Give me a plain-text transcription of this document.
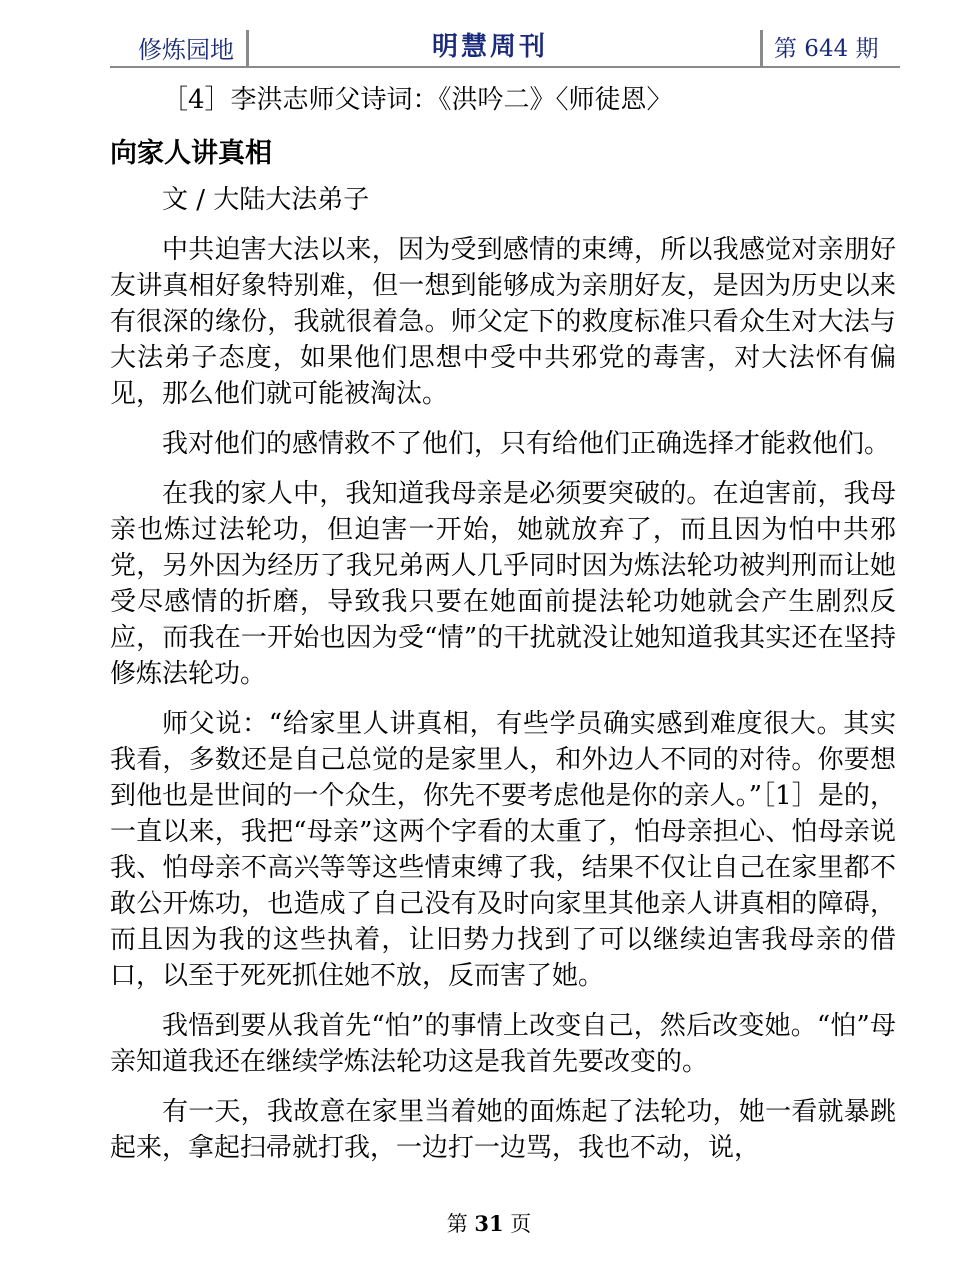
修炼园地	明慧周刊	第 644 期

［4］李洪志师父诗词：《洪吟二》〈师徒恩〉

向家人讲真相

文 / 大陆大法弟子

中共迫害大法以来，因为受到感情的束缚，所以我感觉对亲朋好友讲真相好象特别难，但一想到能够成为亲朋好友，是因为历史以来有很深的缘份，我就很着急。师父定下的救度标准只看众生对大法与大法弟子态度，如果他们思想中受中共邪党的毒害，对大法怀有偏见，那么他们就可能被淘汰。

我对他们的感情救不了他们，只有给他们正确选择才能救他们。

在我的家人中，我知道我母亲是必须要突破的。在迫害前，我母亲也炼过法轮功，但迫害一开始，她就放弃了，而且因为怕中共邪党，另外因为经历了我兄弟两人几乎同时因为炼法轮功被判刑而让她受尽感情的折磨，导致我只要在她面前提法轮功她就会产生剧烈反应，而我在一开始也因为受“情”的干扰就没让她知道我其实还在坚持修炼法轮功。

师父说：“给家里人讲真相，有些学员确实感到难度很大。其实我看，多数还是自己总觉的是家里人，和外边人不同的对待。你要想到他也是世间的一个众生，你先不要考虑他是你的亲人。”［1］是的，一直以来，我把“母亲”这两个字看的太重了，怕母亲担心、怕母亲说我、怕母亲不高兴等等这些情束缚了我，结果不仅让自己在家里都不敢公开炼功，也造成了自己没有及时向家里其他亲人讲真相的障碍，而且因为我的这些执着，让旧势力找到了可以继续迫害我母亲的借口，以至于死死抓住她不放，反而害了她。

我悟到要从我首先“怕”的事情上改变自己，然后改变她。“怕”母亲知道我还在继续学炼法轮功这是我首先要改变的。

有一天，我故意在家里当着她的面炼起了法轮功，她一看就暴跳起来，拿起扫帚就打我，一边打一边骂，我也不动，说，

第 31 页
